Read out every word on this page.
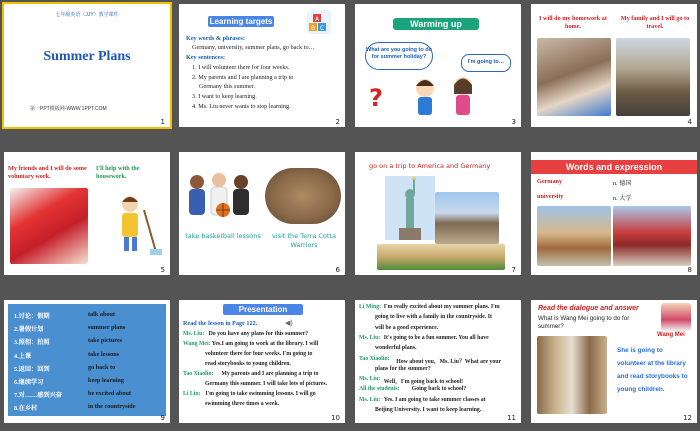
七年级英语（JJY）教学课件
Summer Plans
第一PPT模板网-WWW.1PPT.COM
1
Learning targets
B C
A
Key words & phrases:
Germany, university, summer plans, go back to…
Key sentences:
1. I will volunteer there for four weeks.
2. My parents and I are planning a trip to
Germany this summer.
3. I want to keep learning.
4. Ms. Liu never wants to stop learning.
2
Warming up
What are you going to do for summer holiday?
I'm going to…
?
3
I will do my homework at home.
My family and I will go to travel.
4
My friends and I will do some voluntary work.
I'll help with the housework.
5
take basketball lessons	visit the Terra Cotta Warriors
6
go on a trip to America and Germany
7
Words and expression
Germany	n. 德国
university	n. 大学
8
1.讨论：假期	talk about
2.暑假计划	summer plans
3.照相：拍照	take pictures
4.上课	take lessons
5.返回：回到	go back to
6.继续学习	keep learning
7.对……感到兴奋	be excited about
8.在乡村	in the countryside
9
Presentation
Read the lesson in Page 122.	◀)
Ms. Liu: Do you have any plans for this summer?
Wang Mei: Yes.I am going to work at the library. I will
volunteer there for four weeks. I'm going to
read storybooks to young children.
Tao Xiaolin: My parents and I are planning a trip to
Germany this summer. I will take lots of pictures.
Li Lin: I'm going to take swimming lessons. I will go
swimming three times a week.
10
Li Ming: I'm really excited about my summer plans. I'm
going to live with a family in the countryside. It
will be a good experience.
Ms. Liu: It's going to be a fun summer. You all have
wonderful plans.
Tao Xiaolin: How about you，Ms. Liu？What are your
plans for the summer?
Ms. Liu: Well，I'm going back to school!
All the students: Going back to school?
Ms. Liu: Yes. I am going to take summer classes at
Beijing University. I want to keep learning.
11
Read the dialogue and answer
What is Wang Mei going to do for summer?
Wang Mei
She is going to volunteer at the library and read storybooks to young children.
12
